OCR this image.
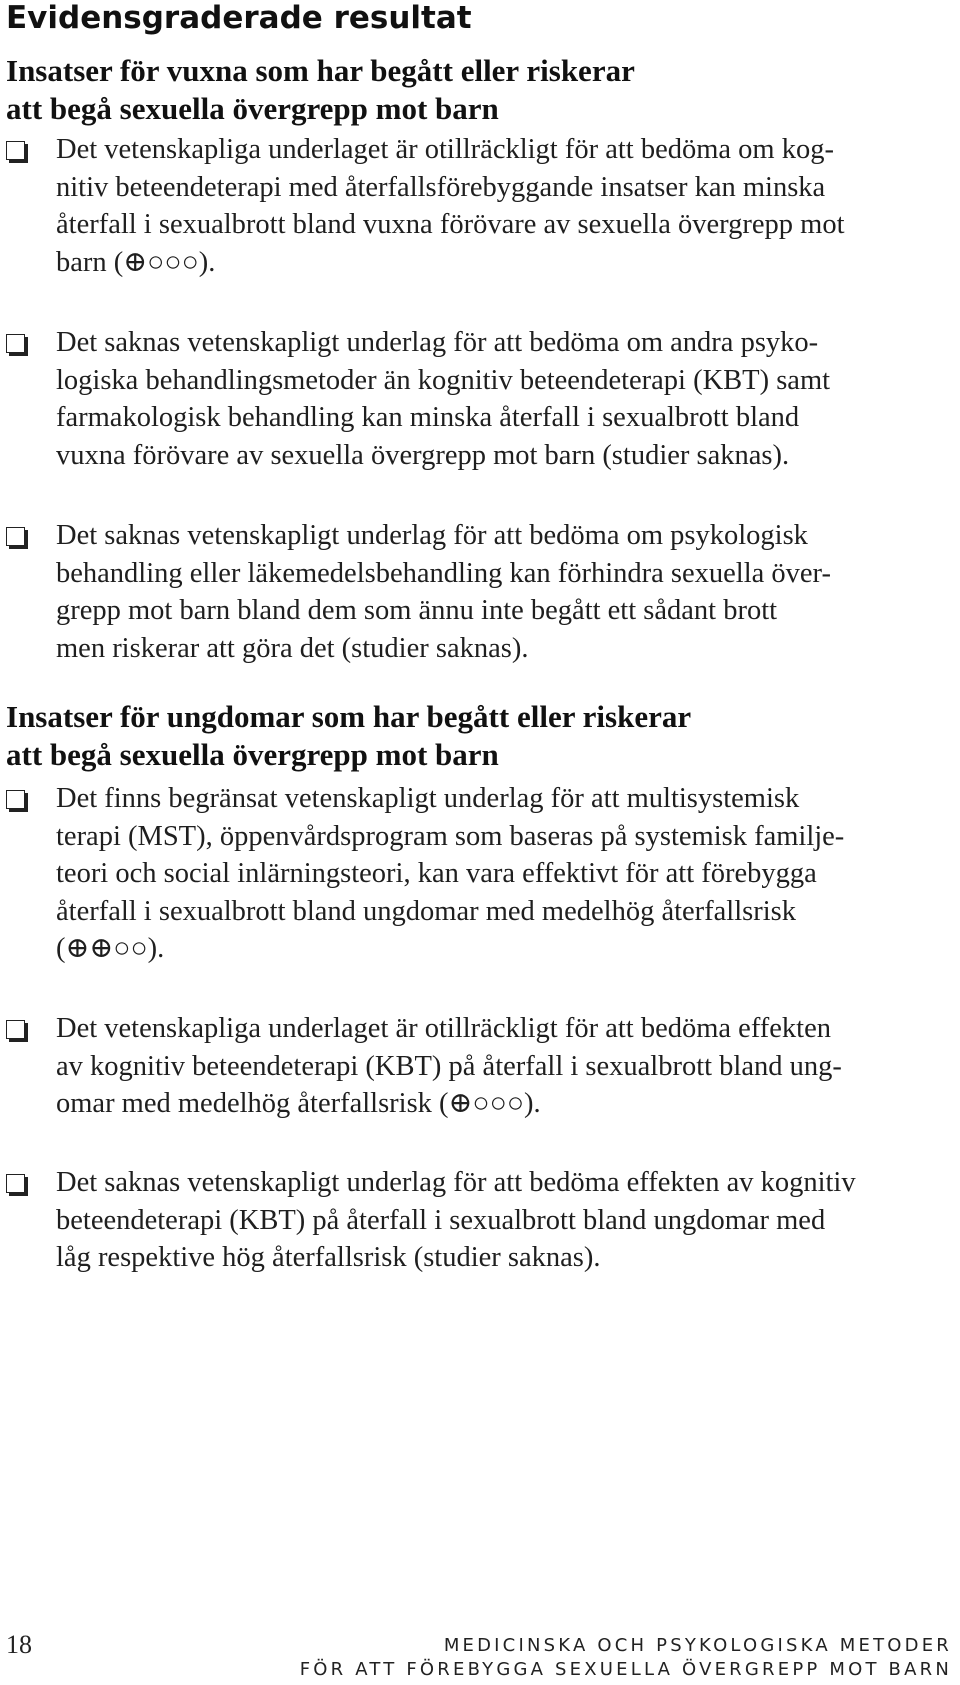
Evidensgraderade resultat
Insatser för vuxna som har begått eller riskerar
att begå sexuella övergrepp mot barn

Det vetenskapliga underlaget är otillräckligt för att bedöma om kog-
nitiv beteendeterapi med återfallsförebyggande insatser kan minska
återfall i sexualbrott bland vuxna förövare av sexuella övergrepp mot
barn (⊕○○○).

Det saknas vetenskapligt underlag för att bedöma om andra psyko-
logiska behandlingsmetoder än kognitiv beteendeterapi (KBT) samt
farmakologisk behandling kan minska återfall i sexualbrott bland
vuxna förövare av sexuella övergrepp mot barn (studier saknas).

Det saknas vetenskapligt underlag för att bedöma om psykologisk
behandling eller läkemedelsbehandling kan förhindra sexuella över-
grepp mot barn bland dem som ännu inte begått ett sådant brott
men riskerar att göra det (studier saknas).

Insatser för ungdomar som har begått eller riskerar
att begå sexuella övergrepp mot barn

Det finns begränsat vetenskapligt underlag för att multisystemisk
terapi (MST), öppenvårdsprogram som baseras på systemisk familje-
teori och social inlärningsteori, kan vara effektivt för att förebygga
återfall i sexualbrott bland ungdomar med medelhög återfallsrisk
(⊕⊕○○).

Det vetenskapliga underlaget är otillräckligt för att bedöma effekten
av kognitiv beteendeterapi (KBT) på återfall i sexualbrott bland ung-
omar med medelhög återfallsrisk (⊕○○○).

Det saknas vetenskapligt underlag för att bedöma effekten av kognitiv
beteendeterapi (KBT) på återfall i sexualbrott bland ungdomar med
låg respektive hög återfallsrisk (studier saknas).

18	MEDICINSKA OCH PSYKOLOGISKA METODER
FÖR ATT FÖREBYGGA SEXUELLA ÖVERGREPP MOT BARN
